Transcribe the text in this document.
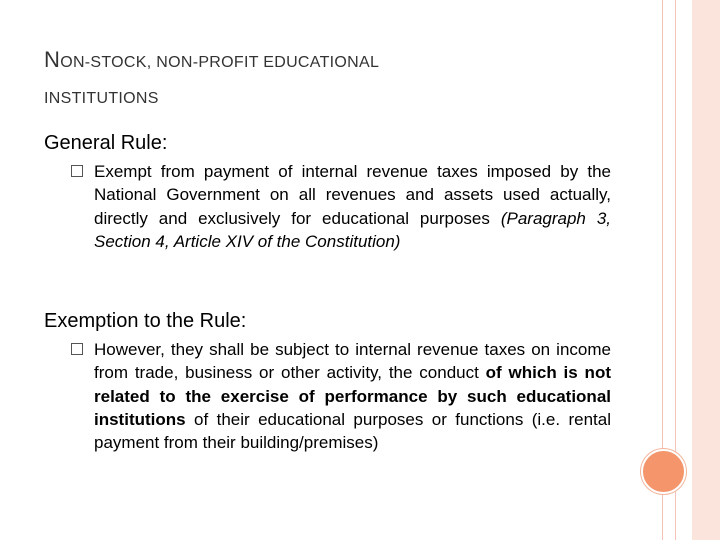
NON-STOCK, NON-PROFIT EDUCATIONAL
INSTITUTIONS
General Rule:
Exempt from payment of internal revenue taxes imposed by the National Government on all revenues and assets used actually, directly and exclusively for educational purposes (Paragraph 3, Section 4, Article XIV of the Constitution)
Exemption to the Rule:
However, they shall be subject to internal revenue taxes on income from trade, business or other activity, the conduct of which is not related to the exercise of performance by such educational institutions of their educational purposes or functions (i.e. rental payment from their building/premises)
